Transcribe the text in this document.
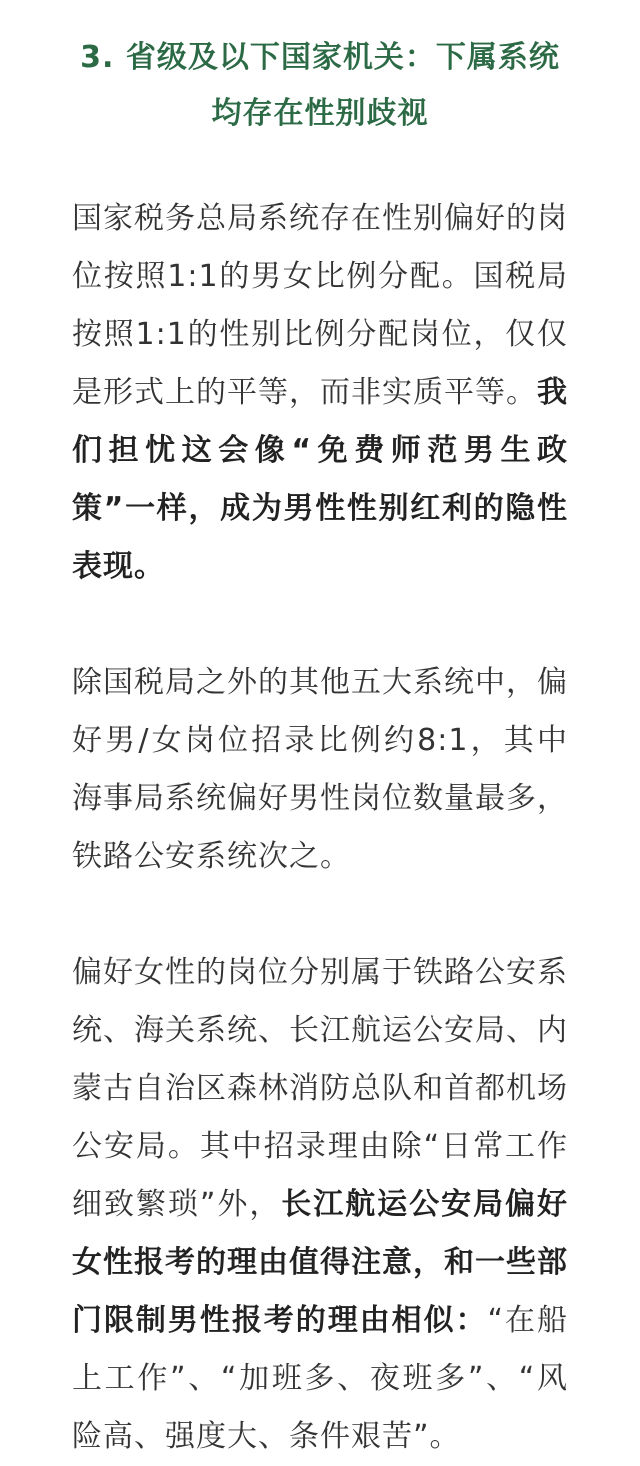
3. 省级及以下国家机关：下属系统均存在性别歧视

国家税务总局系统存在性别偏好的岗位按照1:1的男女比例分配。国税局按照1:1的性别比例分配岗位，仅仅是形式上的平等，而非实质平等。我们担忧这会像“免费师范男生政策”一样，成为男性性别红利的隐性表现。

除国税局之外的其他五大系统中，偏好男/女岗位招录比例约8:1，其中海事局系统偏好男性岗位数量最多，铁路公安系统次之。

偏好女性的岗位分别属于铁路公安系统、海关系统、长江航运公安局、内蒙古自治区森林消防总队和首都机场公安局。其中招录理由除“日常工作细致繁琐”外，长江航运公安局偏好女性报考的理由值得注意，和一些部门限制男性报考的理由相似：“在船上工作”、“加班多、夜班多”、“风险高、强度大、条件艰苦”。
